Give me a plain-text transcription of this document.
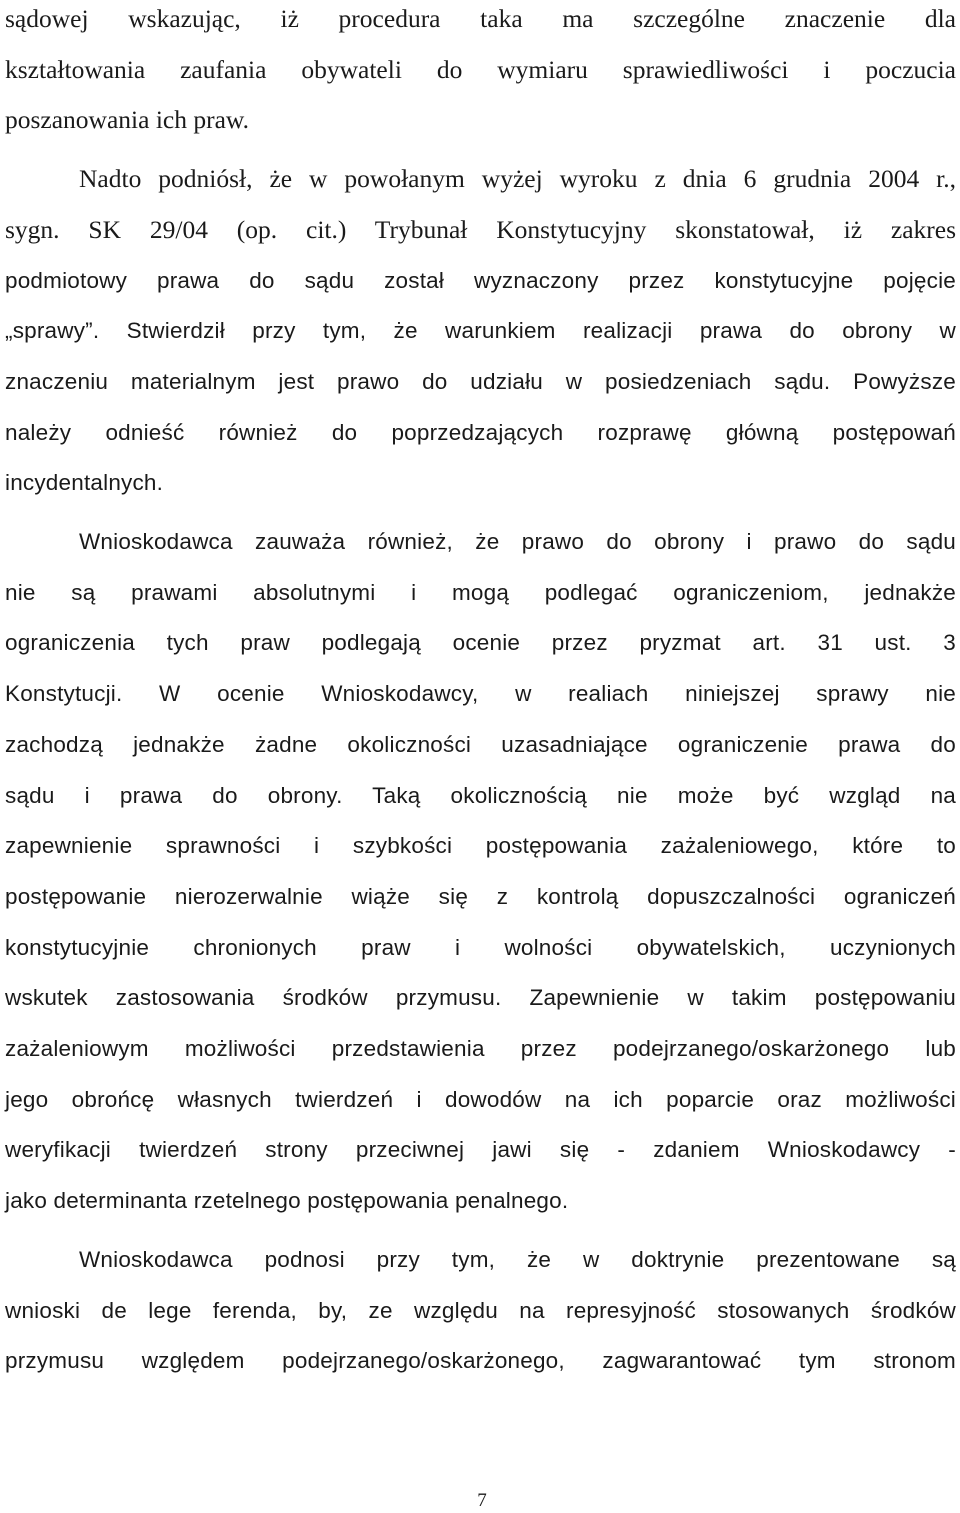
sądowej wskazując, iż procedura taka ma szczególne znaczenie dla
kształtowania zaufania obywateli do wymiaru sprawiedliwości i poczucia
poszanowania ich praw.
Nadto podniósł, że w powołanym wyżej wyroku z dnia 6 grudnia 2004 r.,
sygn. SK 29/04 (op. cit.) Trybunał Konstytucyjny skonstatował, iż zakres
podmiotowy prawa do sądu został wyznaczony przez konstytucyjne pojęcie
„sprawy”. Stwierdził przy tym, że warunkiem realizacji prawa do obrony w
znaczeniu materialnym jest prawo do udziału w posiedzeniach sądu. Powyższe
należy odnieść również do poprzedzających rozprawę główną postępowań
incydentalnych.
Wnioskodawca zauważa również, że prawo do obrony i prawo do sądu
nie są prawami absolutnymi i mogą podlegać ograniczeniom, jednakże
ograniczenia tych praw podlegają ocenie przez pryzmat art. 31 ust. 3
Konstytucji. W ocenie Wnioskodawcy, w realiach niniejszej sprawy nie
zachodzą jednakże żadne okoliczności uzasadniające ograniczenie prawa do
sądu i prawa do obrony. Taką okolicznością nie może być wzgląd na
zapewnienie sprawności i szybkości postępowania zażaleniowego, które to
postępowanie nierozerwalnie wiąże się z kontrolą dopuszczalności ograniczeń
konstytucyjnie chronionych praw i wolności obywatelskich, uczynionych
wskutek zastosowania środków przymusu. Zapewnienie w takim postępowaniu
zażaleniowym możliwości przedstawienia przez podejrzanego/oskarżonego lub
jego obrońcę własnych twierdzeń i dowodów na ich poparcie oraz możliwości
weryfikacji twierdzeń strony przeciwnej jawi się - zdaniem Wnioskodawcy -
jako determinanta rzetelnego postępowania penalnego.
Wnioskodawca podnosi przy tym, że w doktrynie prezentowane są
wnioski de lege ferenda, by, ze względu na represyjność stosowanych środków
przymusu względem podejrzanego/oskarżonego, zagwarantować tym stronom
7
